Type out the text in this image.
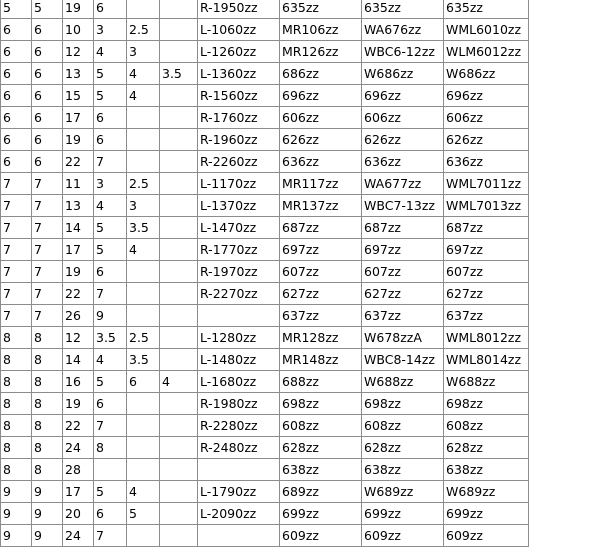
5	5	19	6			R-1950zz	635zz	635zz	635zz
6	6	10	3	2.5		L-1060zz	MR106zz	WA676zz	WML6010zz
6	6	12	4	3		L-1260zz	MR126zz	WBC6-12zz	WLM6012zz
6	6	13	5	4	3.5	L-1360zz	686zz	W686zz	W686zz
6	6	15	5	4		R-1560zz	696zz	696zz	696zz
6	6	17	6			R-1760zz	606zz	606zz	606zz
6	6	19	6			R-1960zz	626zz	626zz	626zz
6	6	22	7			R-2260zz	636zz	636zz	636zz
7	7	11	3	2.5		L-1170zz	MR117zz	WA677zz	WML7011zz
7	7	13	4	3		L-1370zz	MR137zz	WBC7-13zz	WML7013zz
7	7	14	5	3.5		L-1470zz	687zz	687zz	687zz
7	7	17	5	4		R-1770zz	697zz	697zz	697zz
7	7	19	6			R-1970zz	607zz	607zz	607zz
7	7	22	7			R-2270zz	627zz	627zz	627zz
7	7	26	9				637zz	637zz	637zz
8	8	12	3.5	2.5		L-1280zz	MR128zz	W678zzA	WML8012zz
8	8	14	4	3.5		L-1480zz	MR148zz	WBC8-14zz	WML8014zz
8	8	16	5	6	4	L-1680zz	688zz	W688zz	W688zz
8	8	19	6			R-1980zz	698zz	698zz	698zz
8	8	22	7			R-2280zz	608zz	608zz	608zz
8	8	24	8			R-2480zz	628zz	628zz	628zz
8	8	28					638zz	638zz	638zz
9	9	17	5	4		L-1790zz	689zz	W689zz	W689zz
9	9	20	6	5		L-2090zz	699zz	699zz	699zz
9	9	24	7				609zz	609zz	609zz
